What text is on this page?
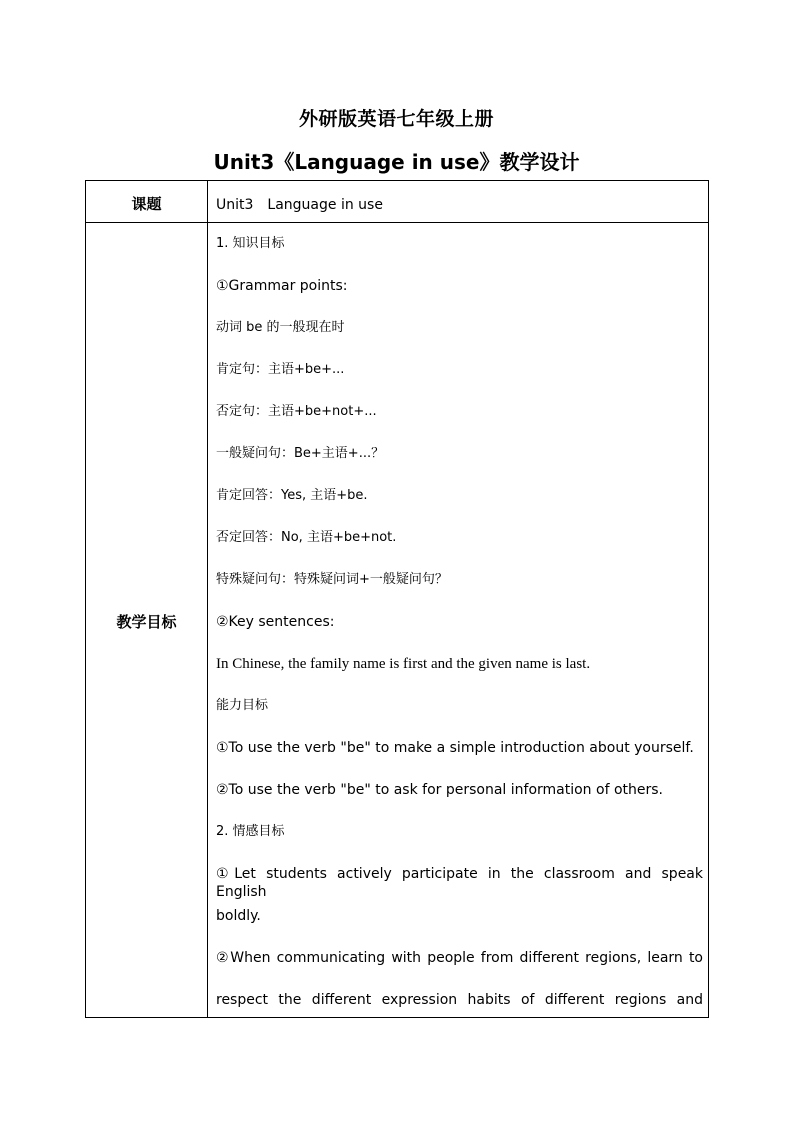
外研版英语七年级上册
Unit3《Language in use》教学设计
课题	Unit3　Language in use
教学目标
1. 知识目标
①Grammar points:
动词 be 的一般现在时
肯定句：主语+be+...
否定句：主语+be+not+...
一般疑问句：Be+主语+...？
肯定回答：Yes, 主语+be.
否定回答：No, 主语+be+not.
特殊疑问句：特殊疑问词+一般疑问句？
②Key sentences:
In Chinese, the family name is first and the given name is last.
能力目标
①To use the verb "be" to make a simple introduction about yourself.
②To use the verb "be" to ask for personal information of others.
2. 情感目标
①Let students actively participate in the classroom and speak English
boldly.
②When communicating with people from different regions, learn to
respect the different expression habits of different regions and
